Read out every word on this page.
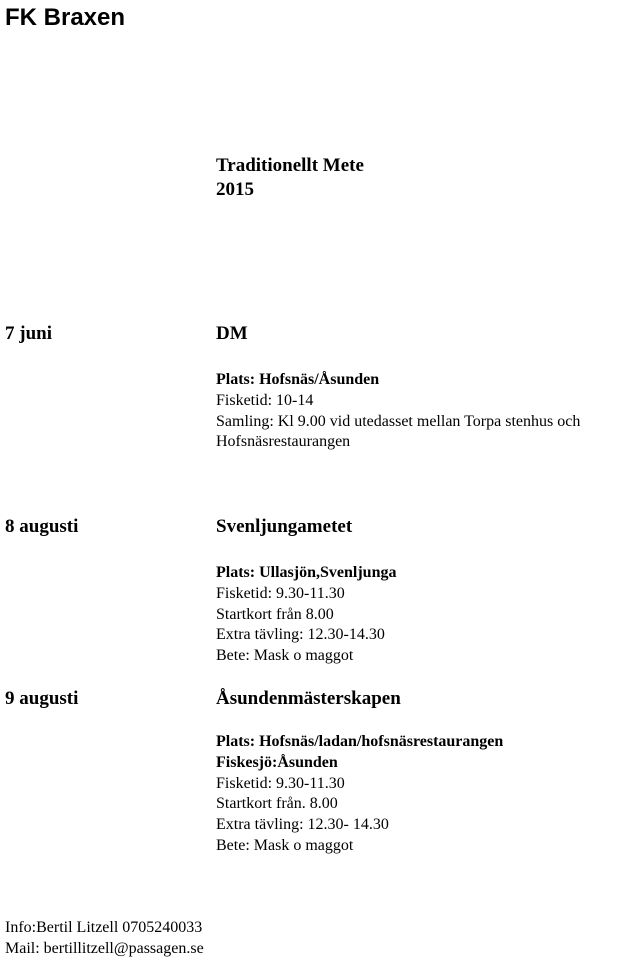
FK Braxen
Traditionellt Mete
2015
7 juni	DM
Plats: Hofsnäs/Åsunden
Fisketid: 10-14
Samling: Kl 9.00 vid utedasset mellan Torpa stenhus och
Hofsnäsrestaurangen
8 augusti	Svenljungametet
Plats: Ullasjön,Svenljunga
Fisketid: 9.30-11.30
Startkort från 8.00
Extra tävling: 12.30-14.30
Bete: Mask o maggot
9 augusti	Åsundenmästerskapen
Plats: Hofsnäs/ladan/hofsnäsrestaurangen
Fiskesjö:Åsunden
Fisketid: 9.30-11.30
Startkort från. 8.00
Extra tävling: 12.30- 14.30
Bete: Mask o maggot
Info:Bertil Litzell 0705240033
Mail: bertillitzell@passagen.se
